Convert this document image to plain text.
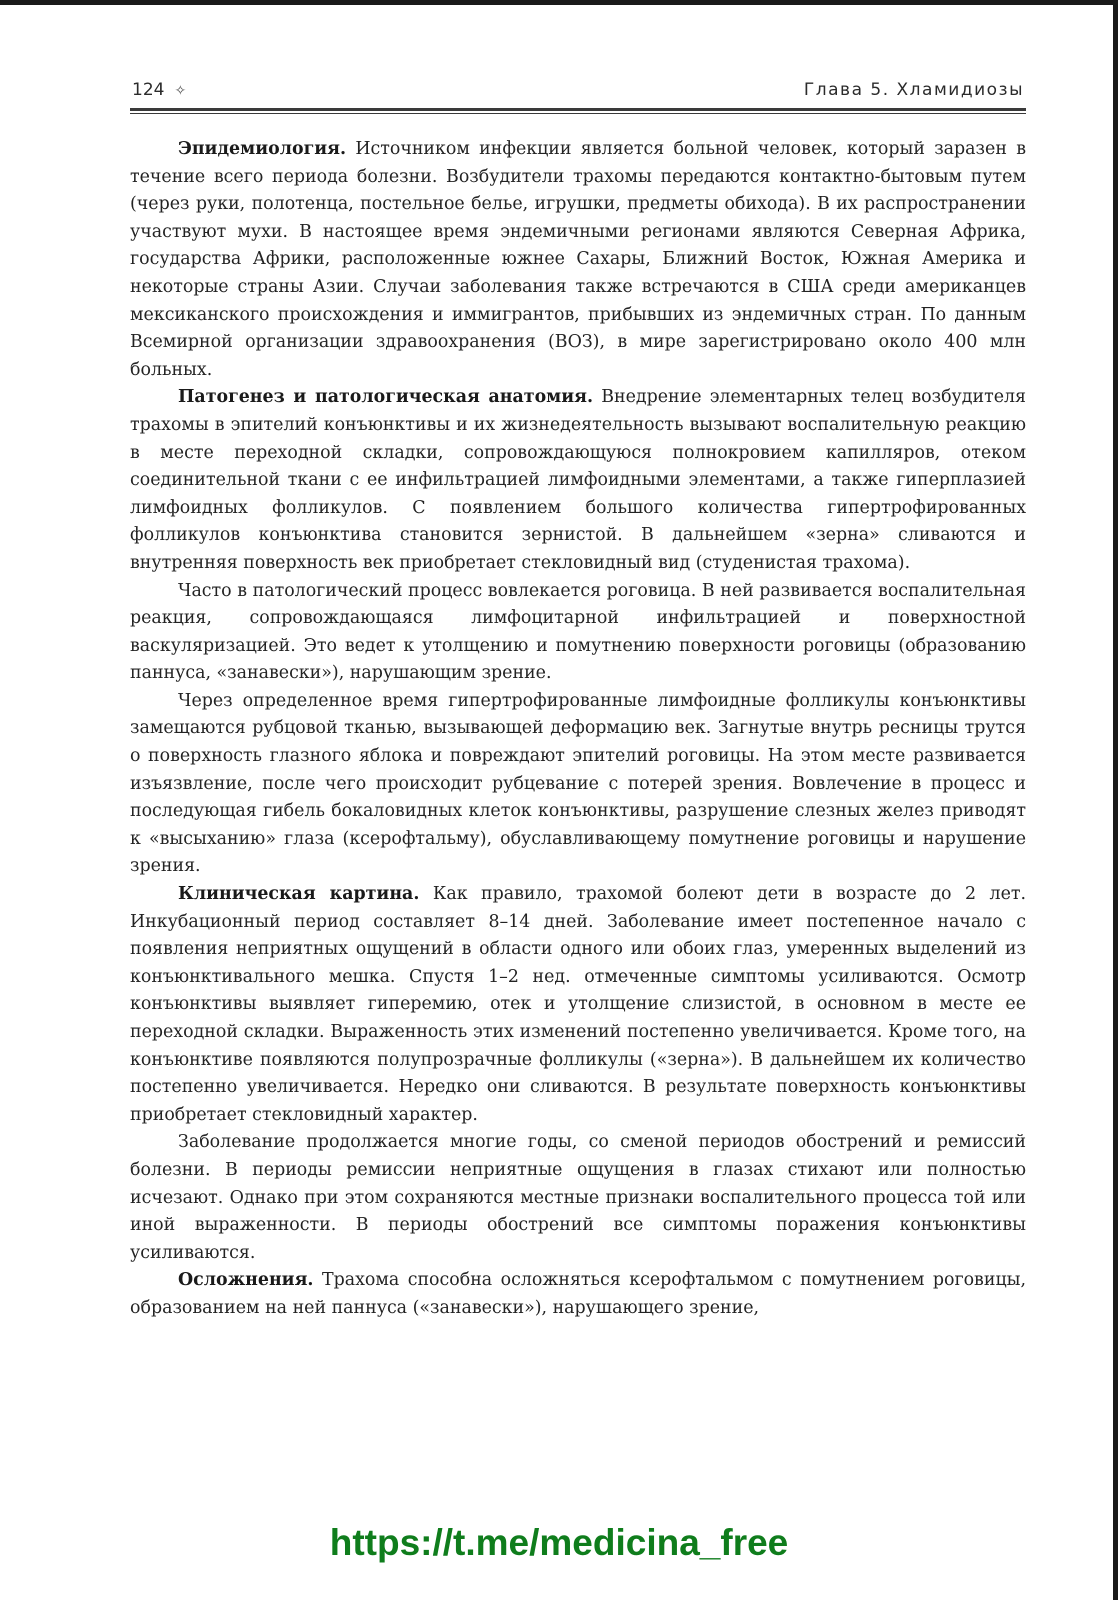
124 ✧	Глава 5. Хламидиозы

Эпидемиология. Источником инфекции является больной человек, который заразен в течение всего периода болезни. Возбудители трахомы передаются контактно-бытовым путем (через руки, полотенца, постельное белье, игрушки, предметы обихода). В их распространении участвуют мухи. В настоящее время эндемичными регионами являются Северная Африка, государства Африки, расположенные южнее Сахары, Ближний Восток, Южная Америка и некоторые страны Азии. Случаи заболевания также встречаются в США среди американцев мексиканского происхождения и иммигрантов, прибывших из эндемичных стран. По данным Всемирной организации здравоохранения (ВОЗ), в мире зарегистрировано около 400 млн больных.

Патогенез и патологическая анатомия. Внедрение элементарных телец возбудителя трахомы в эпителий конъюнктивы и их жизнедеятельность вызывают воспалительную реакцию в месте переходной складки, сопровождающуюся полнокровием капилляров, отеком соединительной ткани с ее инфильтрацией лимфоидными элементами, а также гиперплазией лимфоидных фолликулов. С появлением большого количества гипертрофированных фолликулов конъюнктива становится зернистой. В дальнейшем «зерна» сливаются и внутренняя поверхность век приобретает стекловидный вид (студенистая трахома).

Часто в патологический процесс вовлекается роговица. В ней развивается воспалительная реакция, сопровождающаяся лимфоцитарной инфильтрацией и поверхностной васкуляризацией. Это ведет к утолщению и помутнению поверхности роговицы (образованию паннуса, «занавески»), нарушающим зрение.

Через определенное время гипертрофированные лимфоидные фолликулы конъюнктивы замещаются рубцовой тканью, вызывающей деформацию век. Загнутые внутрь ресницы трутся о поверхность глазного яблока и повреждают эпителий роговицы. На этом месте развивается изъязвление, после чего происходит рубцевание с потерей зрения. Вовлечение в процесс и последующая гибель бокаловидных клеток конъюнктивы, разрушение слезных желез приводят к «высыханию» глаза (ксерофтальму), обуславливающему помутнение роговицы и нарушение зрения.

Клиническая картина. Как правило, трахомой болеют дети в возрасте до 2 лет. Инкубационный период составляет 8–14 дней. Заболевание имеет постепенное начало с появления неприятных ощущений в области одного или обоих глаз, умеренных выделений из конъюнктивального мешка. Спустя 1–2 нед. отмеченные симптомы усиливаются. Осмотр конъюнктивы выявляет гиперемию, отек и утолщение слизистой, в основном в месте ее переходной складки. Выраженность этих изменений постепенно увеличивается. Кроме того, на конъюнктиве появляются полупрозрачные фолликулы («зерна»). В дальнейшем их количество постепенно увеличивается. Нередко они сливаются. В результате поверхность конъюнктивы приобретает стекловидный характер.

Заболевание продолжается многие годы, со сменой периодов обострений и ремиссий болезни. В периоды ремиссии неприятные ощущения в глазах стихают или полностью исчезают. Однако при этом сохраняются местные признаки воспалительного процесса той или иной выраженности. В периоды обострений все симптомы поражения конъюнктивы усиливаются.

Осложнения. Трахома способна осложняться ксерофтальмом с помутнением роговицы, образованием на ней паннуса («занавески»), нарушающего зрение,

https://t.me/medicina_free
